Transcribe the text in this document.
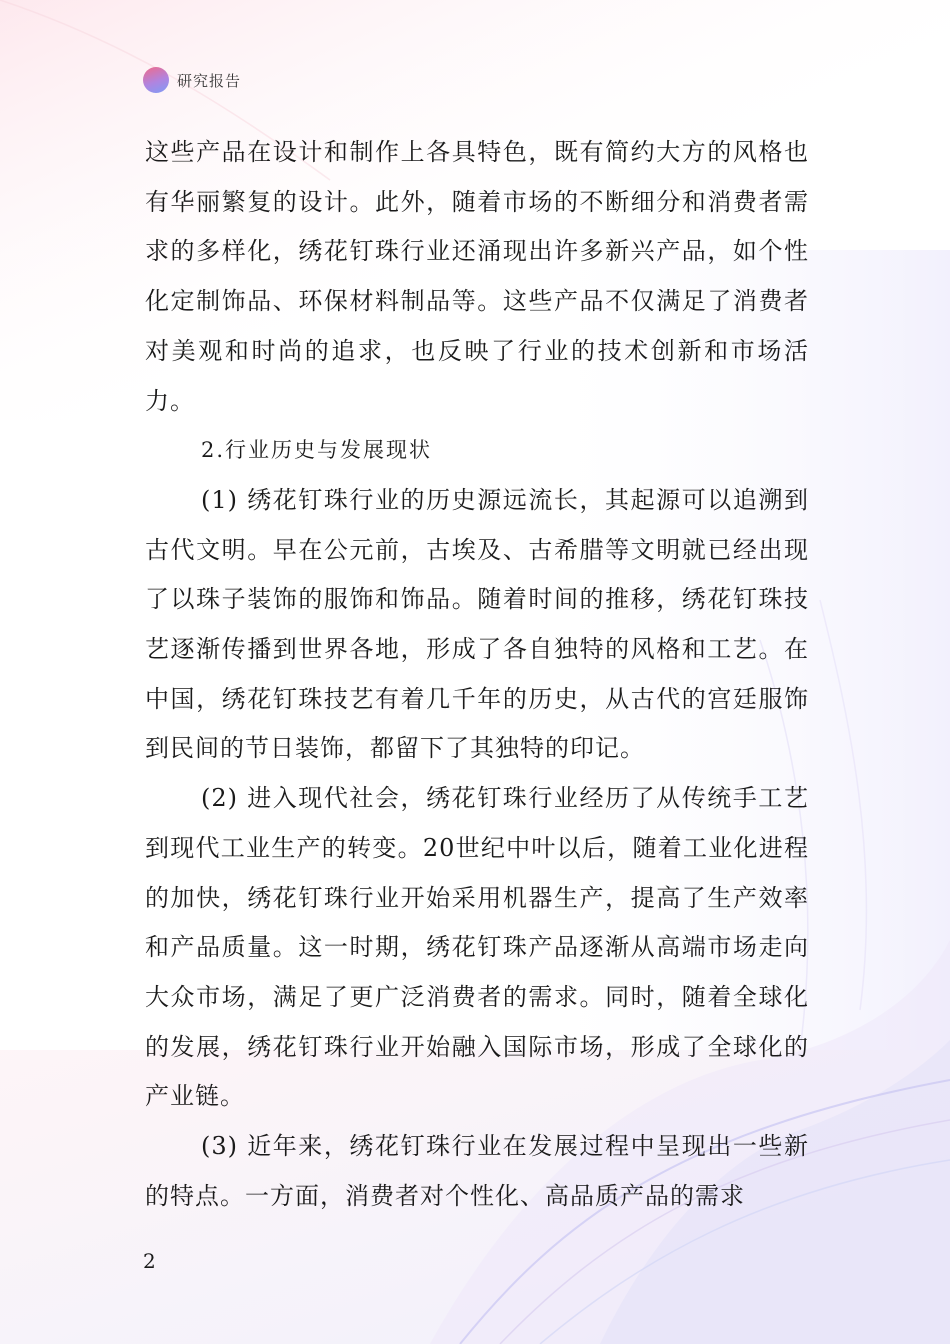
研究报告

这些产品在设计和制作上各具特色，既有简约大方的风格也有华丽繁复的设计。此外，随着市场的不断细分和消费者需求的多样化，绣花钉珠行业还涌现出许多新兴产品，如个性化定制饰品、环保材料制品等。这些产品不仅满足了消费者对美观和时尚的追求，也反映了行业的技术创新和市场活力。

2.行业历史与发展现状

(1) 绣花钉珠行业的历史源远流长，其起源可以追溯到古代文明。早在公元前，古埃及、古希腊等文明就已经出现了以珠子装饰的服饰和饰品。随着时间的推移，绣花钉珠技艺逐渐传播到世界各地，形成了各自独特的风格和工艺。在中国，绣花钉珠技艺有着几千年的历史，从古代的宫廷服饰到民间的节日装饰，都留下了其独特的印记。

(2) 进入现代社会，绣花钉珠行业经历了从传统手工艺到现代工业生产的转变。20世纪中叶以后，随着工业化进程的加快，绣花钉珠行业开始采用机器生产，提高了生产效率和产品质量。这一时期，绣花钉珠产品逐渐从高端市场走向大众市场，满足了更广泛消费者的需求。同时，随着全球化的发展，绣花钉珠行业开始融入国际市场，形成了全球化的产业链。

(3) 近年来，绣花钉珠行业在发展过程中呈现出一些新的特点。一方面，消费者对个性化、高品质产品的需求

2
